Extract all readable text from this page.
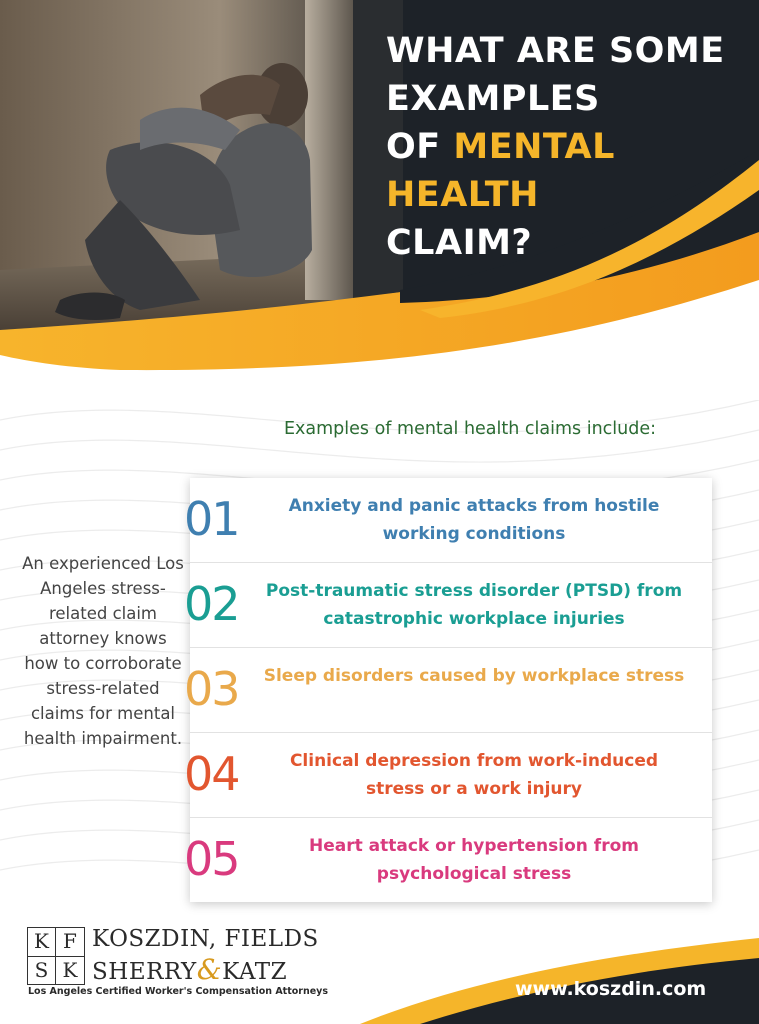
WHAT ARE SOME

EXAMPLES

OF MENTAL

HEALTH

CLAIM?

Examples of mental health claims include:

01	Anxiety and panic attacks from hostile working conditions

02	Post-traumatic stress disorder (PTSD) from catastrophic workplace injuries

03	Sleep disorders caused by workplace stress

04	Clinical depression from work-induced stress or a work injury

05	Heart attack or hypertension from psychological stress

An experienced Los Angeles stress-related claim attorney knows how to corroborate stress-related claims for mental health impairment.

K F
S K

KOSZDIN, FIELDS

SHERRY&KATZ

Los Angeles Certified Worker's Compensation Attorneys	www.koszdin.com
